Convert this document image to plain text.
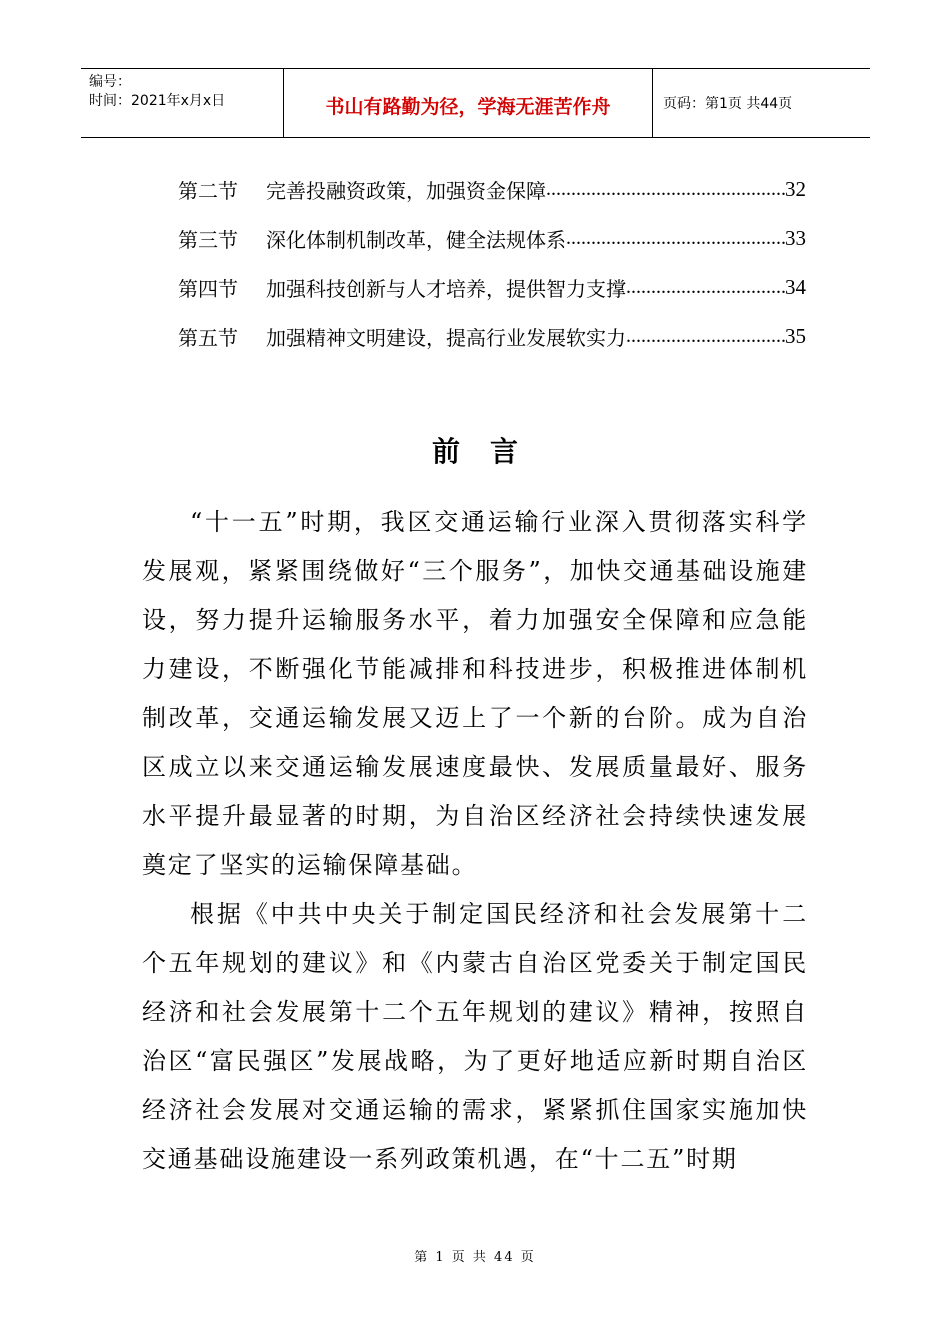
编号：
时间：2021年x月x日	书山有路勤为径，学海无涯苦作舟	页码：第1页 共44页
第二节	完善投融资政策，加强资金保障 .....	32
第三节	深化体制机制改革，健全法规体系 .....	33
第四节	加强科技创新与人才培养，提供智力支撑 .....	34
第五节	加强精神文明建设，提高行业发展软实力 .....	35
前言

“十一五”时期，我区交通运输行业深入贯彻落实科学发展观，紧紧围绕做好“三个服务”，加快交通基础设施建设，努力提升运输服务水平，着力加强安全保障和应急能力建设，不断强化节能减排和科技进步，积极推进体制机制改革，交通运输发展又迈上了一个新的台阶。成为自治区成立以来交通运输发展速度最快、发展质量最好、服务水平提升最显著的时期，为自治区经济社会持续快速发展奠定了坚实的运输保障基础。

根据《中共中央关于制定国民经济和社会发展第十二个五年规划的建议》和《内蒙古自治区党委关于制定国民经济和社会发展第十二个五年规划的建议》精神，按照自治区“富民强区”发展战略，为了更好地适应新时期自治区经济社会发展对交通运输的需求，紧紧抓住国家实施加快交通基础设施建设一系列政策机遇，在“十二五”时期

第 1 页 共 44 页
